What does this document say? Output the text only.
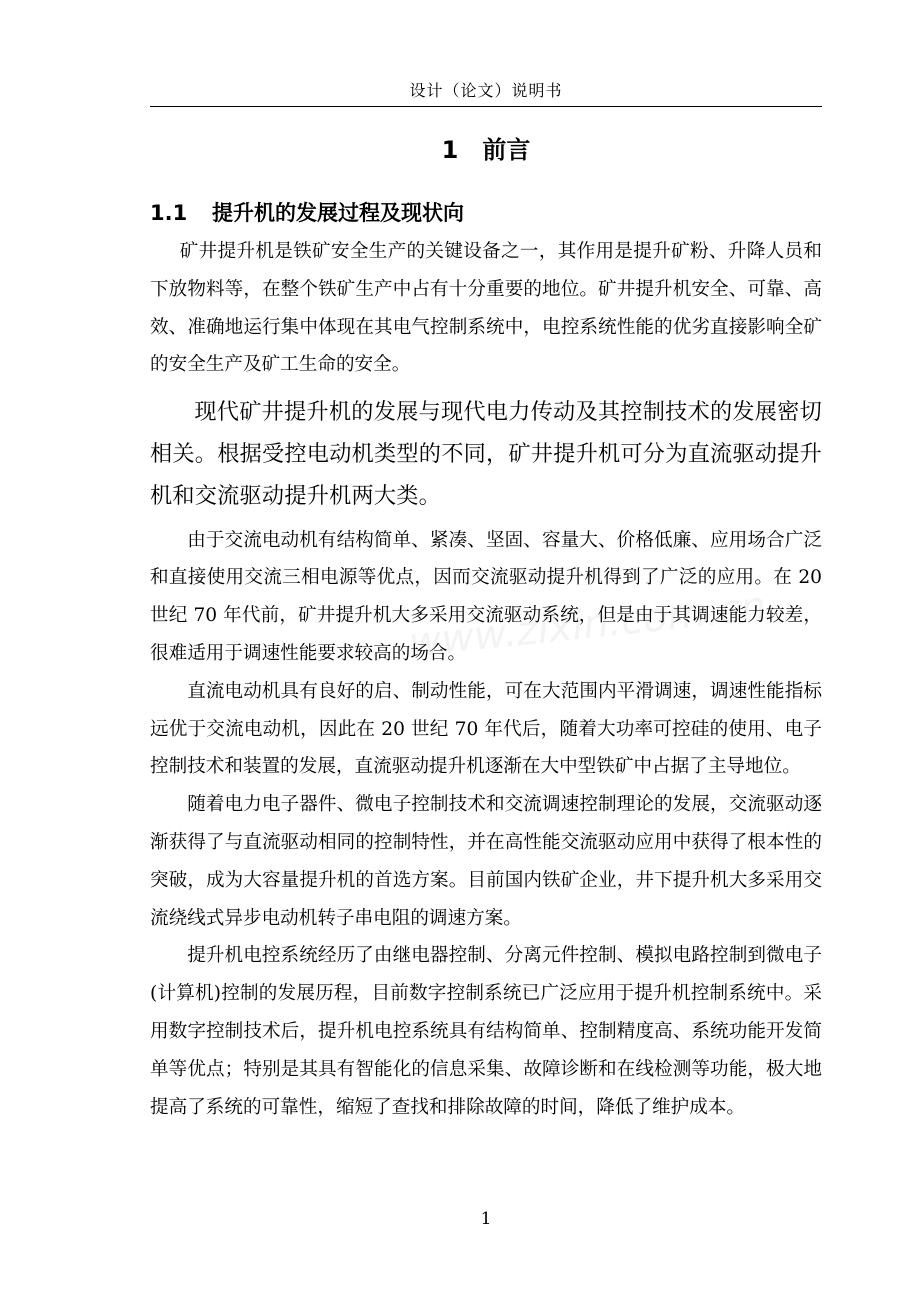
设计（论文）说明书
1 前言
1.1 提升机的发展过程及现状向

矿井提升机是铁矿安全生产的关键设备之一，其作用是提升矿粉、升降人员和下放物料等，在整个铁矿生产中占有十分重要的地位。矿井提升机安全、可靠、高效、准确地运行集中体现在其电气控制系统中，电控系统性能的优劣直接影响全矿的安全生产及矿工生命的安全。

现代矿井提升机的发展与现代电力传动及其控制技术的发展密切相关。根据受控电动机类型的不同，矿井提升机可分为直流驱动提升机和交流驱动提升机两大类。

由于交流电动机有结构简单、紧凑、坚固、容量大、价格低廉、应用场合广泛和直接使用交流三相电源等优点，因而交流驱动提升机得到了广泛的应用。在 20 世纪 70 年代前，矿井提升机大多采用交流驱动系统，但是由于其调速能力较差，很难适用于调速性能要求较高的场合。

直流电动机具有良好的启、制动性能，可在大范围内平滑调速，调速性能指标远优于交流电动机，因此在 20 世纪 70 年代后，随着大功率可控硅的使用、电子控制技术和装置的发展，直流驱动提升机逐渐在大中型铁矿中占据了主导地位。

随着电力电子器件、微电子控制技术和交流调速控制理论的发展，交流驱动逐渐获得了与直流驱动相同的控制特性，并在高性能交流驱动应用中获得了根本性的突破，成为大容量提升机的首选方案。目前国内铁矿企业，井下提升机大多采用交流绕线式异步电动机转子串电阻的调速方案。

提升机电控系统经历了由继电器控制、分离元件控制、模拟电路控制到微电子(计算机)控制的发展历程，目前数字控制系统已广泛应用于提升机控制系统中。采用数字控制技术后，提升机电控系统具有结构简单、控制精度高、系统功能开发简单等优点；特别是其具有智能化的信息采集、故障诊断和在线检测等功能，极大地提高了系统的可靠性，缩短了查找和排除故障的时间，降低了维护成本。

1
